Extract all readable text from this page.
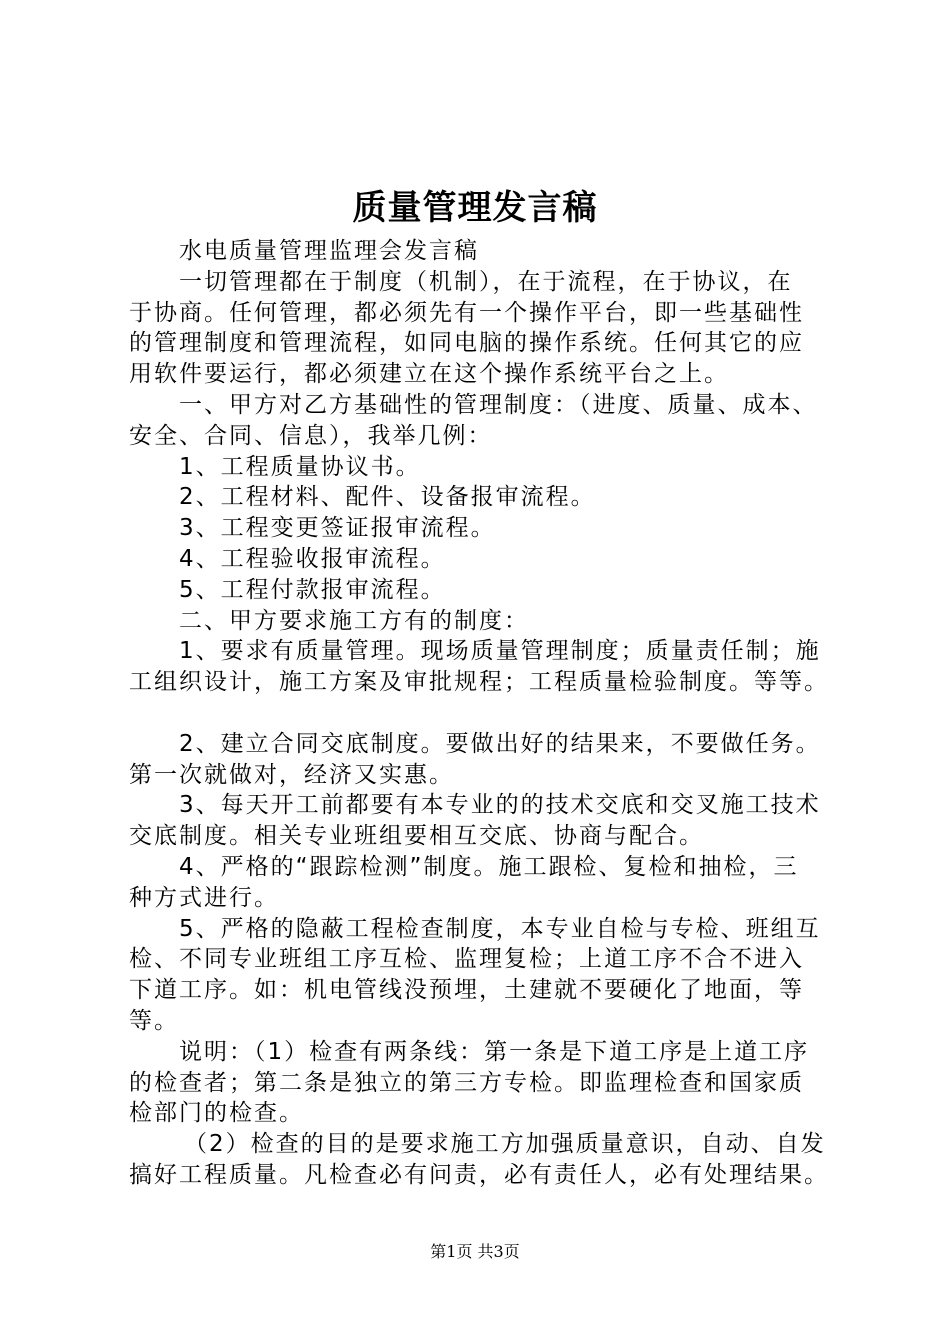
质量管理发言稿

水电质量管理监理会发言稿

一切管理都在于制度（机制），在于流程，在于协议，在

于协商。任何管理，都必须先有一个操作平台，即一些基础性

的管理制度和管理流程，如同电脑的操作系统。任何其它的应

用软件要运行，都必须建立在这个操作系统平台之上。

一、甲方对乙方基础性的管理制度：（进度、质量、成本、

安全、合同、信息），我举几例：

1、工程质量协议书。

2、工程材料、配件、设备报审流程。

3、工程变更签证报审流程。

4、工程验收报审流程。

5、工程付款报审流程。

二、甲方要求施工方有的制度：

1、要求有质量管理。现场质量管理制度；质量责任制；施

工组织设计，施工方案及审批规程；工程质量检验制度。等等。

2、建立合同交底制度。要做出好的结果来，不要做任务。

第一次就做对，经济又实惠。

3、每天开工前都要有本专业的的技术交底和交叉施工技术

交底制度。相关专业班组要相互交底、协商与配合。

4、严格的“跟踪检测”制度。施工跟检、复检和抽检，三

种方式进行。

5、严格的隐蔽工程检查制度，本专业自检与专检、班组互

检、不同专业班组工序互检、监理复检；上道工序不合不进入

下道工序。如：机电管线没预埋，土建就不要硬化了地面，等

等。

说明：（1）检查有两条线：第一条是下道工序是上道工序

的检查者；第二条是独立的第三方专检。即监理检查和国家质

检部门的检查。

（2）检查的目的是要求施工方加强质量意识，自动、自发

搞好工程质量。凡检查必有问责，必有责任人，必有处理结果。

第1页 共3页
